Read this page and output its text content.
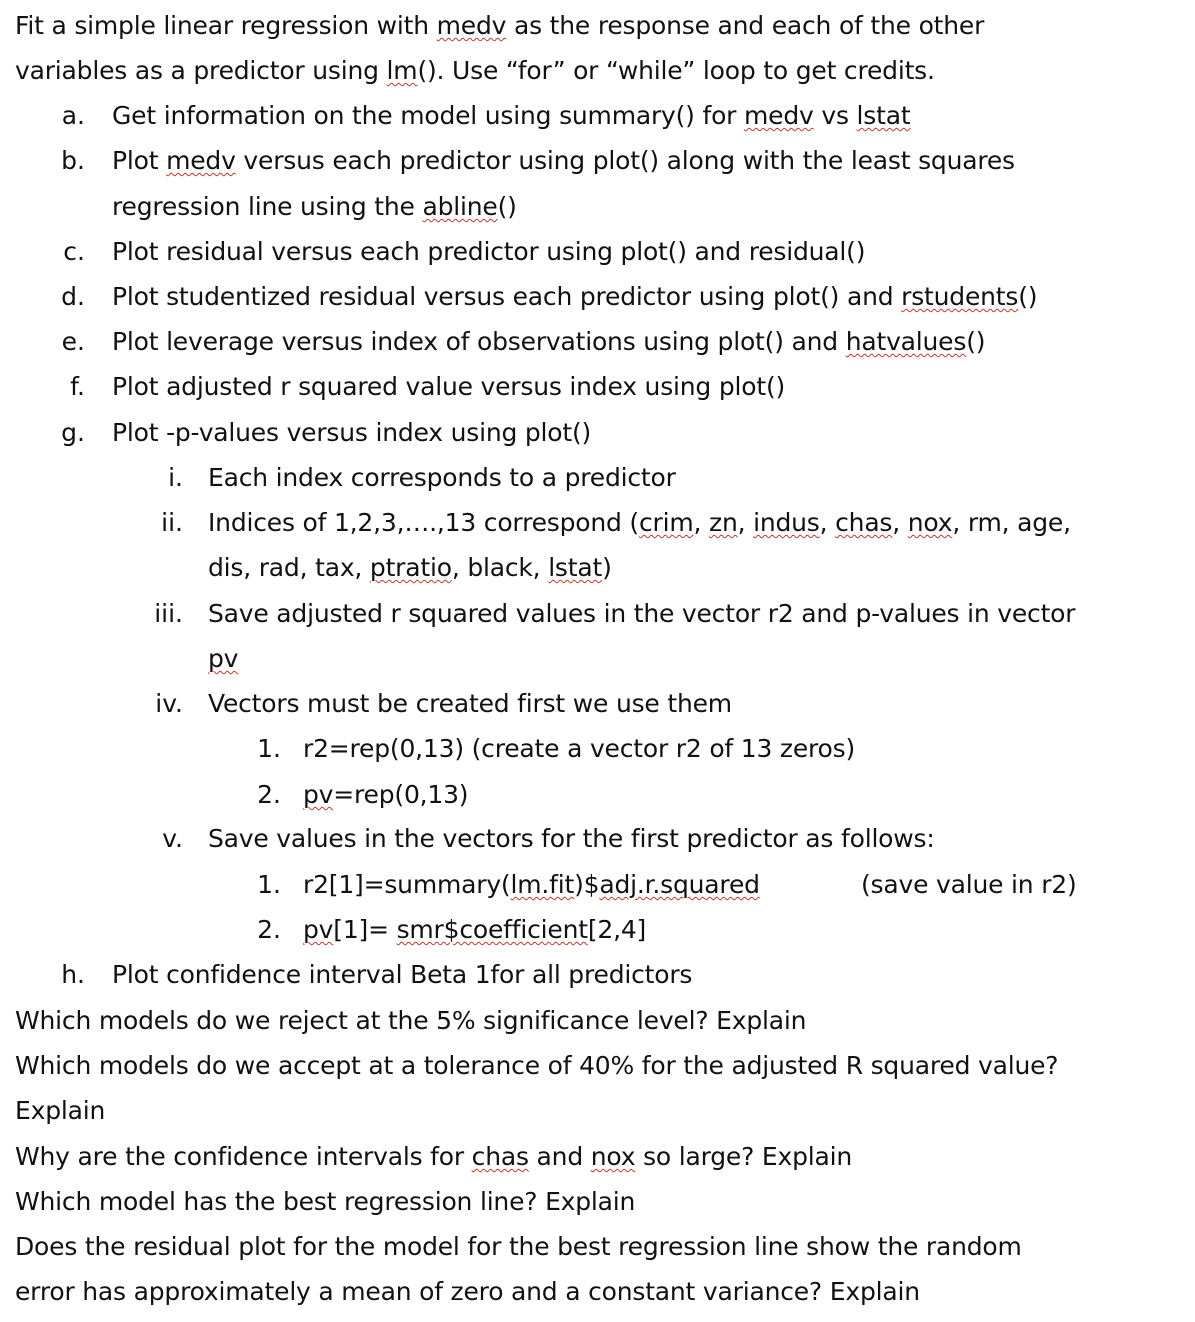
Fit a simple linear regression with medv as the response and each of the other
variables as a predictor using lm(). Use “for” or “while” loop to get credits.
a. Get information on the model using summary() for medv vs lstat
b. Plot medv versus each predictor using plot() along with the least squares
regression line using the abline()
c. Plot residual versus each predictor using plot() and residual()
d. Plot studentized residual versus each predictor using plot() and rstudents()
e. Plot leverage versus index of observations using plot() and hatvalues()
f. Plot adjusted r squared value versus index using plot()
g. Plot -p-values versus index using plot()
i. Each index corresponds to a predictor
ii. Indices of 1,2,3,….,13 correspond (crim, zn, indus, chas, nox, rm, age,
dis, rad, tax, ptratio, black, lstat)
iii. Save adjusted r squared values in the vector r2 and p-values in vector
pv
iv. Vectors must be created first we use them
1. r2=rep(0,13) (create a vector r2 of 13 zeros)
2. pv=rep(0,13)
v. Save values in the vectors for the first predictor as follows:
1. r2[1]=summary(lm.fit)$adj.r.squared	(save value in r2)
2. pv[1]= smr$coefficient[2,4]
h. Plot confidence interval Beta 1for all predictors
Which models do we reject at the 5% significance level? Explain
Which models do we accept at a tolerance of 40% for the adjusted R squared value?
Explain
Why are the confidence intervals for chas and nox so large? Explain
Which model has the best regression line? Explain
Does the residual plot for the model for the best regression line show the random
error has approximately a mean of zero and a constant variance? Explain
